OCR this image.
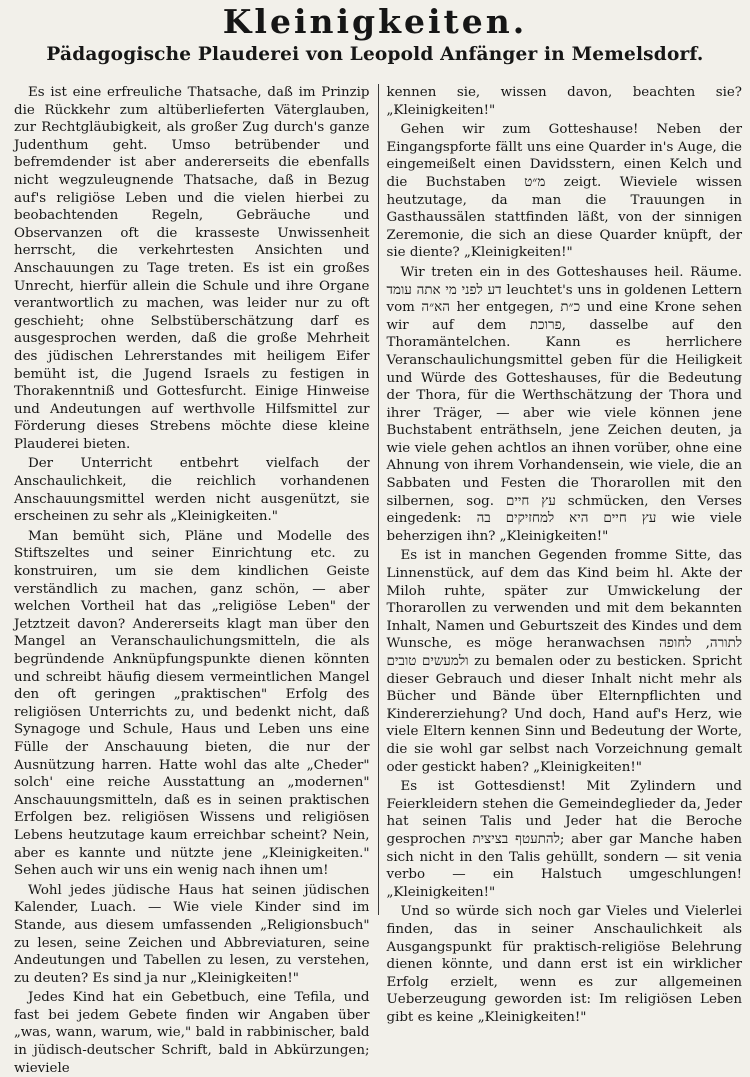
Kleinigkeiten.
Pädagogische Plauderei von Leopold Anfänger in Memelsdorf.

Es ist eine erfreuliche Thatsache, daß im Prinzip die Rückkehr zum altüberlieferten Väterglauben, zur Rechtgläubigkeit, als großer Zug durch's ganze Judenthum geht. Umso betrübender und befremdender ist aber andererseits die ebenfalls nicht wegzuleugnende Thatsache, daß in Bezug auf's religiöse Leben und die vielen hierbei zu beobachtenden Regeln, Gebräuche und Observanzen oft die krasseste Unwissenheit herrscht, die verkehrtesten Ansichten und Anschauungen zu Tage treten. Es ist ein großes Unrecht, hierfür allein die Schule und ihre Organe verantwortlich zu machen, was leider nur zu oft geschieht; ohne Selbstüberschätzung darf es ausgesprochen werden, daß die große Mehrheit des jüdischen Lehrerstandes mit heiligem Eifer bemüht ist, die Jugend Israels zu festigen in Thorakenntniß und Gottesfurcht. Einige Hinweise und Andeutungen auf werthvolle Hilfsmittel zur Förderung dieses Strebens möchte diese kleine Plauderei bieten.

Der Unterricht entbehrt vielfach der Anschaulichkeit, die reichlich vorhandenen Anschauungsmittel werden nicht ausgenützt, sie erscheinen zu sehr als „Kleinigkeiten."

Man bemüht sich, Pläne und Modelle des Stiftszeltes und seiner Einrichtung etc. zu konstruiren, um sie dem kindlichen Geiste verständlich zu machen, ganz schön, — aber welchen Vortheil hat das „religiöse Leben" der Jetztzeit davon? Andererseits klagt man über den Mangel an Veranschaulichungsmitteln, die als begründende Anknüpfungspunkte dienen könnten und schreibt häufig diesem vermeintlichen Mangel den oft geringen „praktischen" Erfolg des religiösen Unterrichts zu, und bedenkt nicht, daß Synagoge und Schule, Haus und Leben uns eine Fülle der Anschauung bieten, die nur der Ausnützung harren. Hatte wohl das alte „Cheder" solch' eine reiche Ausstattung an „modernen" Anschauungsmitteln, daß es in seinen praktischen Erfolgen bez. religiösen Wissens und religiösen Lebens heutzutage kaum erreichbar scheint? Nein, aber es kannte und nützte jene „Kleinigkeiten." Sehen auch wir uns ein wenig nach ihnen um!

Wohl jedes jüdische Haus hat seinen jüdischen Kalender, Luach. — Wie viele Kinder sind im Stande, aus diesem umfassenden „Religionsbuch" zu lesen, seine Zeichen und Abbreviaturen, seine Andeutungen und Tabellen zu lesen, zu verstehen, zu deuten? Es sind ja nur „Kleinigkeiten!"

Jedes Kind hat ein Gebetbuch, eine Tefila, und fast bei jedem Gebete finden wir Angaben über „was, wann, warum, wie," bald in rabbinischer, bald in jüdisch-deutscher Schrift, bald in Abkürzungen; wieviele

kennen sie, wissen davon, beachten sie? „Kleinigkeiten!"

Gehen wir zum Gotteshause! Neben der Eingangspforte fällt uns eine Quarder in's Auge, die eingemeißelt einen Davidsstern, einen Kelch und die Buchstaben מ״ט zeigt. Wieviele wissen heutzutage, da man die Trauungen in Gasthaussälen stattfinden läßt, von der sinnigen Zeremonie, die sich an diese Quarder knüpft, der sie diente? „Kleinigkeiten!"

Wir treten ein in des Gotteshauses heil. Räume. דע לפני מי אתה עומד leuchtet's uns in goldenen Lettern vom הא״ה her entgegen, כ״ת und eine Krone sehen wir auf dem פרוכת, dasselbe auf den Thoramäntelchen. Kann es herrlichere Veranschaulichungsmittel geben für die Heiligkeit und Würde des Gotteshauses, für die Bedeutung der Thora, für die Werthschätzung der Thora und ihrer Träger, — aber wie viele können jene Buchstabent enträthseln, jene Zeichen deuten, ja wie viele gehen achtlos an ihnen vorüber, ohne eine Ahnung von ihrem Vorhandensein, wie viele, die an Sabbaten und Festen die Thorarollen mit den silbernen, sog. עץ חיים schmücken, den Verses eingedenk: עץ חיים היא למחזיקים בה wie viele beherzigen ihn? „Kleinigkeiten!"

Es ist in manchen Gegenden fromme Sitte, das Linnenstück, auf dem das Kind beim hl. Akte der Miloh ruhte, später zur Umwickelung der Thorarollen zu verwenden und mit dem bekannten Inhalt, Namen und Geburtszeit des Kindes und dem Wunsche, es möge heranwachsen לתורה, לחופה ולמעשים טובים zu bemalen oder zu besticken. Spricht dieser Gebrauch und dieser Inhalt nicht mehr als Bücher und Bände über Elternpflichten und Kindererziehung? Und doch, Hand auf's Herz, wie viele Eltern kennen Sinn und Bedeutung der Worte, die sie wohl gar selbst nach Vorzeichnung gemalt oder gestickt haben? „Kleinigkeiten!"

Es ist Gottesdienst! Mit Zylindern und Feierkleidern stehen die Gemeindeglieder da, Jeder hat seinen Talis und Jeder hat die Beroche gesprochen להתעטף בציצית; aber gar Manche haben sich nicht in den Talis gehüllt, sondern — sit venia verbo — ein Halstuch umgeschlungen! „Kleinigkeiten!"

Und so würde sich noch gar Vieles und Vielerlei finden, das in seiner Anschaulichkeit als Ausgangspunkt für praktisch-religiöse Belehrung dienen könnte, und dann erst ist ein wirklicher Erfolg erzielt, wenn es zur allgemeinen Ueberzeugung geworden ist: Im religiösen Leben gibt es keine „Kleinigkeiten!"
